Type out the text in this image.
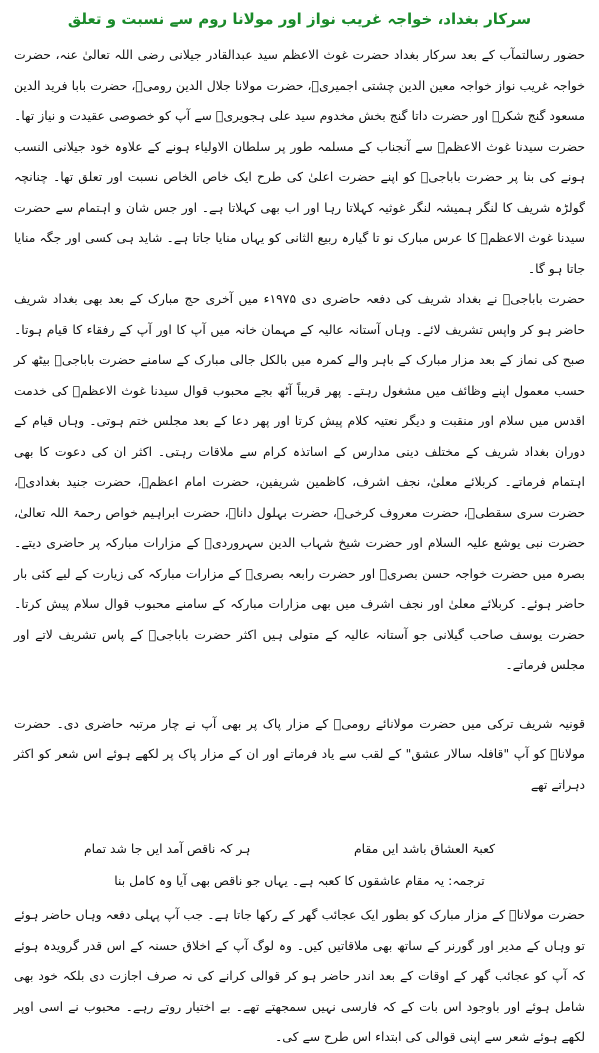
سرکار بغداد، خواجہ غریب نواز اور مولانا روم سے نسبت و تعلق

حضور رسالتمآب کے بعد سرکار بغداد حضرت غوث الاعظم سید عبدالقادر جیلانی رضی اللہ تعالیٰ عنہ، حضرت خواجہ غریب نواز خواجہ معین الدین چشتی اجمیریؒ، حضرت مولانا جلال الدین رومیؒ، حضرت بابا فرید الدین مسعود گنج شکرؒ اور حضرت داتا گنج بخش مخدوم سید علی ہجویریؒ سے آپ کو خصوصی عقیدت و نیاز تھا۔ حضرت سیدنا غوث الاعظمؒ سے آنجناب کے مسلمہ طور پر سلطان الاولیاء ہونے کے علاوہ خود جیلانی النسب ہونے کی بنا پر حضرت باباجیؒ کو اپنے حضرت اعلیٰ کی طرح ایک خاص الخاص نسبت اور تعلق تھا۔ چنانچہ گولڑہ شریف کا لنگر ہمیشہ لنگر غوثیہ کہلاتا رہا اور اب بھی کہلاتا ہے۔ اور جس شان و اہتمام سے حضرت سیدنا غوث الاعظمؒ کا عرس مبارک نو تا گیارہ ربیع الثانی کو یہاں منایا جاتا ہے۔ شاید ہی کسی اور جگہ منایا جاتا ہو گا۔

حضرت باباجیؒ نے بغداد شریف کی دفعہ حاضری دی ۱۹۷۵ء میں آخری حج مبارک کے بعد بھی بغداد شریف حاضر ہو کر واپس تشریف لائے۔ وہاں آستانہ عالیہ کے مہمان خانہ میں آپ کا اور آپ کے رفقاء کا قیام ہوتا۔ صبح کی نماز کے بعد مزار مبارک کے باہر والے کمرہ میں بالکل جالی مبارک کے سامنے حضرت باباجیؒ بیٹھ کر حسب معمول اپنے وظائف میں مشغول رہتے۔ پھر قریباً آٹھ بجے محبوب قوال سیدنا غوث الاعظمؒ کی خدمت اقدس میں سلام اور منقبت و دیگر نعتیہ کلام پیش کرتا اور پھر دعا کے بعد مجلس ختم ہوتی۔ وہاں قیام کے دوران بغداد شریف کے مختلف دینی مدارس کے اساتذہ کرام سے ملاقات رہتی۔ اکثر ان کی دعوت کا بھی اہتمام فرماتے۔ کربلائے معلیٰ، نجف اشرف، کاظمین شریفین، حضرت امام اعظمؒ، حضرت جنید بغدادیؒ، حضرت سری سقطیؒ، حضرت معروف کرخیؒ، حضرت بہلول داناؒ، حضرت ابراہیم خواص رحمۃ اللہ تعالیٰ، حضرت نبی یوشع علیہ السلام اور حضرت شیخ شہاب الدین سہروردیؒ کے مزارات مبارکہ پر حاضری دیتے۔ بصرہ میں حضرت خواجہ حسن بصریؒ اور حضرت رابعہ بصریؒ کے مزارات مبارکہ کی زیارت کے لیے کئی بار حاضر ہوئے۔ کربلائے معلیٰ اور نجف اشرف میں بھی مزارات مبارکہ کے سامنے محبوب قوال سلام پیش کرتا۔ حضرت یوسف صاحب گیلانی جو آستانہ عالیہ کے متولی ہیں اکثر حضرت باباجیؒ کے پاس تشریف لاتے اور مجلس فرماتے۔

قونیہ شریف ترکی میں حضرت مولانائے رومیؒ کے مزار پاک پر بھی آپ نے چار مرتبہ حاضری دی۔ حضرت مولاناؒ کو آپ "قافلہ سالار عشق" کے لقب سے یاد فرماتے اور ان کے مزار پاک پر لکھے ہوئے اس شعر کو اکثر دہراتے تھے

کعبۃ العشاق باشد ایں مقام
ہر کہ ناقص آمد ایں جا شد تمام
ترجمہ: یہ مقام عاشقوں کا کعبہ ہے۔ یہاں جو ناقص بھی آیا وہ کامل بنا

حضرت مولاناؒ کے مزار مبارک کو بطور ایک عجائب گھر کے رکھا جاتا ہے۔ جب آپ پہلی دفعہ وہاں حاضر ہوئے تو وہاں کے مدیر اور گورنر کے ساتھ بھی ملاقاتیں کیں۔ وہ لوگ آپ کے اخلاق حسنہ کے اس قدر گرویدہ ہوئے کہ آپ کو عجائب گھر کے اوقات کے بعد اندر حاضر ہو کر قوالی کرانے کی نہ صرف اجازت دی بلکہ خود بھی شامل ہوئے اور باوجود اس بات کے کہ فارسی نہیں سمجھتے تھے۔ بے اختیار روتے رہے۔ محبوب نے اسی اوپر لکھے ہوئے شعر سے اپنی قوالی کی ابتداء اس طرح سے کی۔
